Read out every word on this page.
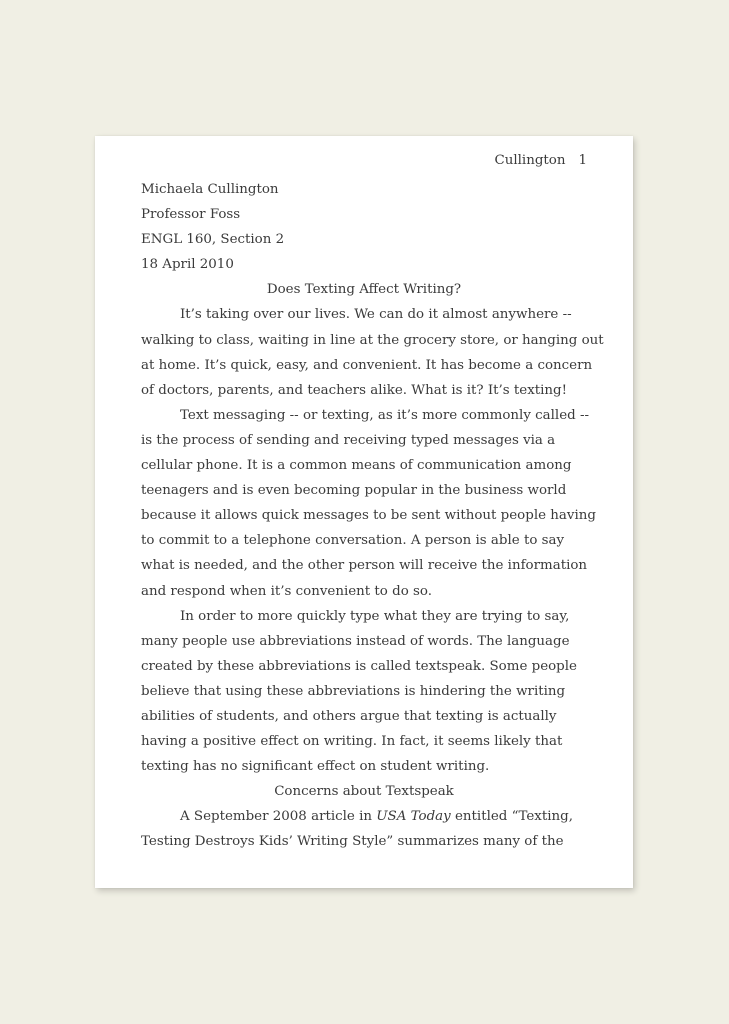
Cullington 1
Michaela Cullington
Professor Foss
ENGL 160, Section 2
18 April 2010
Does Texting Affect Writing?
It’s taking over our lives. We can do it almost anywhere --
walking to class, waiting in line at the grocery store, or hanging out
at home. It’s quick, easy, and convenient. It has become a concern
of doctors, parents, and teachers alike. What is it? It’s texting!
Text messaging -- or texting, as it’s more commonly called --
is the process of sending and receiving typed messages via a
cellular phone. It is a common means of communication among
teenagers and is even becoming popular in the business world
because it allows quick messages to be sent without people having
to commit to a telephone conversation. A person is able to say
what is needed, and the other person will receive the information
and respond when it’s convenient to do so.
In order to more quickly type what they are trying to say,
many people use abbreviations instead of words. The language
created by these abbreviations is called textspeak. Some people
believe that using these abbreviations is hindering the writing
abilities of students, and others argue that texting is actually
having a positive effect on writing. In fact, it seems likely that
texting has no significant effect on student writing.
Concerns about Textspeak
A September 2008 article in USA Today entitled “Texting,
Testing Destroys Kids’ Writing Style” summarizes many of the
